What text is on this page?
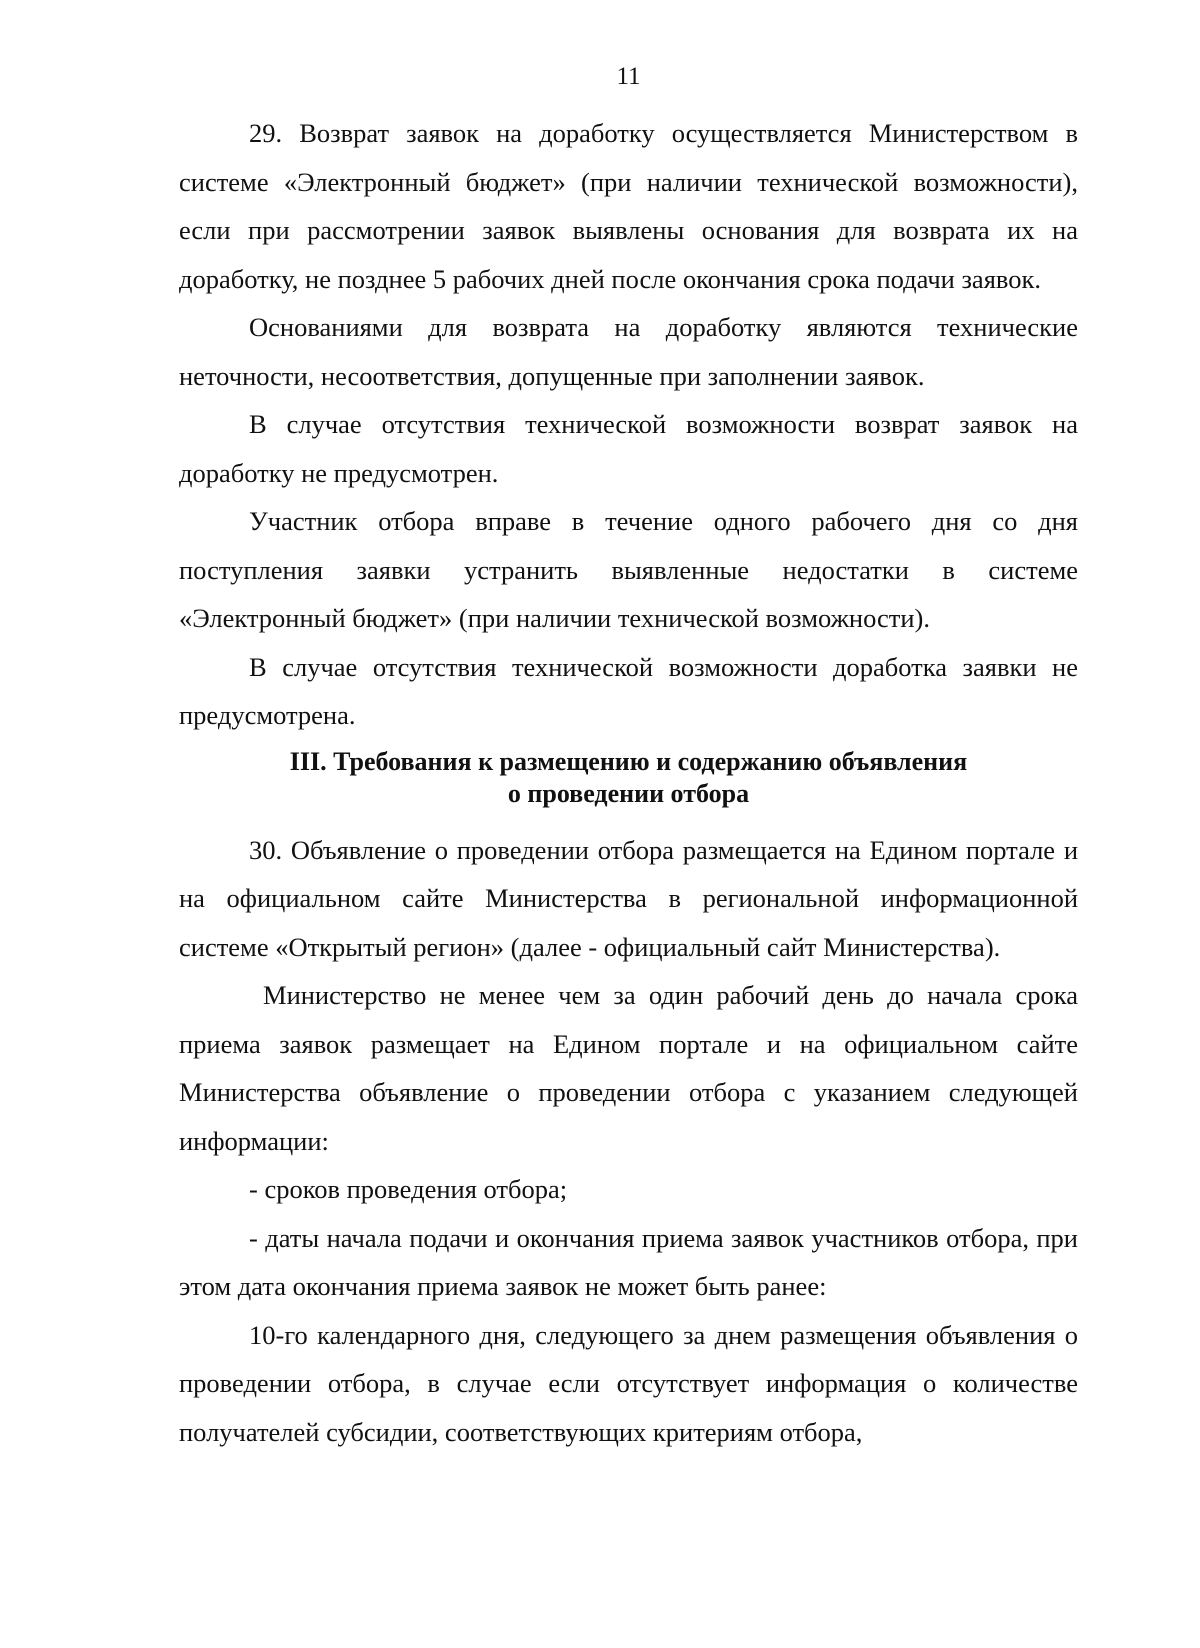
11

29. Возврат заявок на доработку осуществляется Министерством в системе «Электронный бюджет» (при наличии технической возможности), если при рассмотрении заявок выявлены основания для возврата их на доработку, не позднее 5 рабочих дней после окончания срока подачи заявок.

Основаниями для возврата на доработку являются технические неточности, несоответствия, допущенные при заполнении заявок.

В случае отсутствия технической возможности возврат заявок на доработку не предусмотрен.

Участник отбора вправе в течение одного рабочего дня со дня поступления заявки устранить выявленные недостатки в системе «Электронный бюджет» (при наличии технической возможности).

В случае отсутствия технической возможности доработка заявки не предусмотрена.

III. Требования к размещению и содержанию объявления
о проведении отбора

30. Объявление о проведении отбора размещается на Едином портале и на официальном сайте Министерства в региональной информационной системе «Открытый регион» (далее - официальный сайт Министерства).

Министерство не менее чем за один рабочий день до начала срока приема заявок размещает на Едином портале и на официальном сайте Министерства объявление о проведении отбора с указанием следующей информации:

- сроков проведения отбора;

- даты начала подачи и окончания приема заявок участников отбора, при этом дата окончания приема заявок не может быть ранее:

10-го календарного дня, следующего за днем размещения объявления о проведении отбора, в случае если отсутствует информация о количестве получателей субсидии, соответствующих критериям отбора,
